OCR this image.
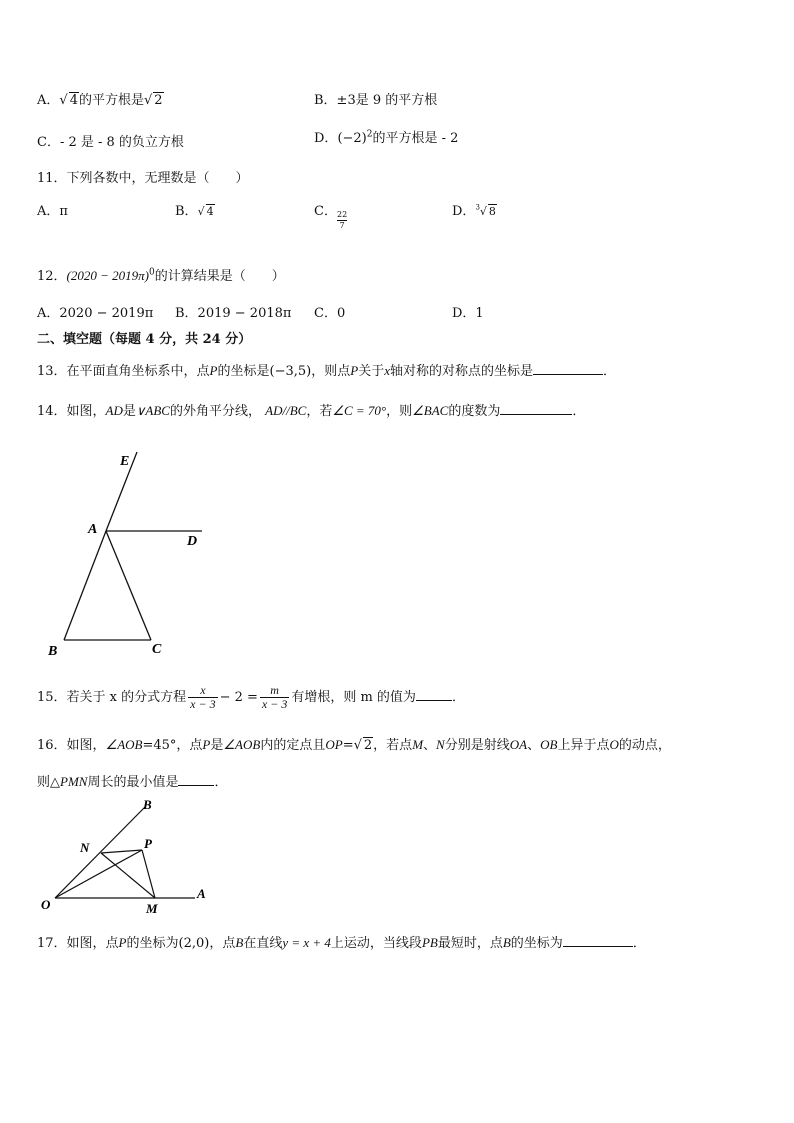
A．√ 4的平方根是√ 2	B．±3是 9 的平方根
C．- 2 是 - 8 的负立方根	D．$(-2)^2$的平方根是 - 2
11．下列各数中，无理数是（　　）
A．π	B．√ 4	C． $\frac{22}{7}$	D．$^3$√ 8
12．$(2020 - 2019\pi)^0$的计算结果是（　　）
A．2020 − 2019π B．2019 − 2018π C．0	D．1
二、填空题（每题 4 分，共 24 分）
13．在平面直角坐标系中，点P的坐标是(−3,5)，则点P关于x轴对称的对称点的坐标是	．
14．如图，AD是∨ABC的外角平分线， AD//BC，若∠C = 70°，则∠BAC的度数为	．
E
A
D
B	C
15．若关于 x 的分式方程 $\frac{x}{x - 3} - 2 = \frac{m}{x - 3}$ 有增根，则 m 的值为	．
16．如图，∠AOB=45°，点P是∠AOB内的定点且OP=√ 2，若点M、N分别是射线OA、OB上异于点O的动点，
则△PMN周长的最小值是	．
B
N	P
O	M
A
17．如图，点P的坐标为(2,0)，点B在直线y = x + 4上运动，当线段PB最短时，点B的坐标为	．
